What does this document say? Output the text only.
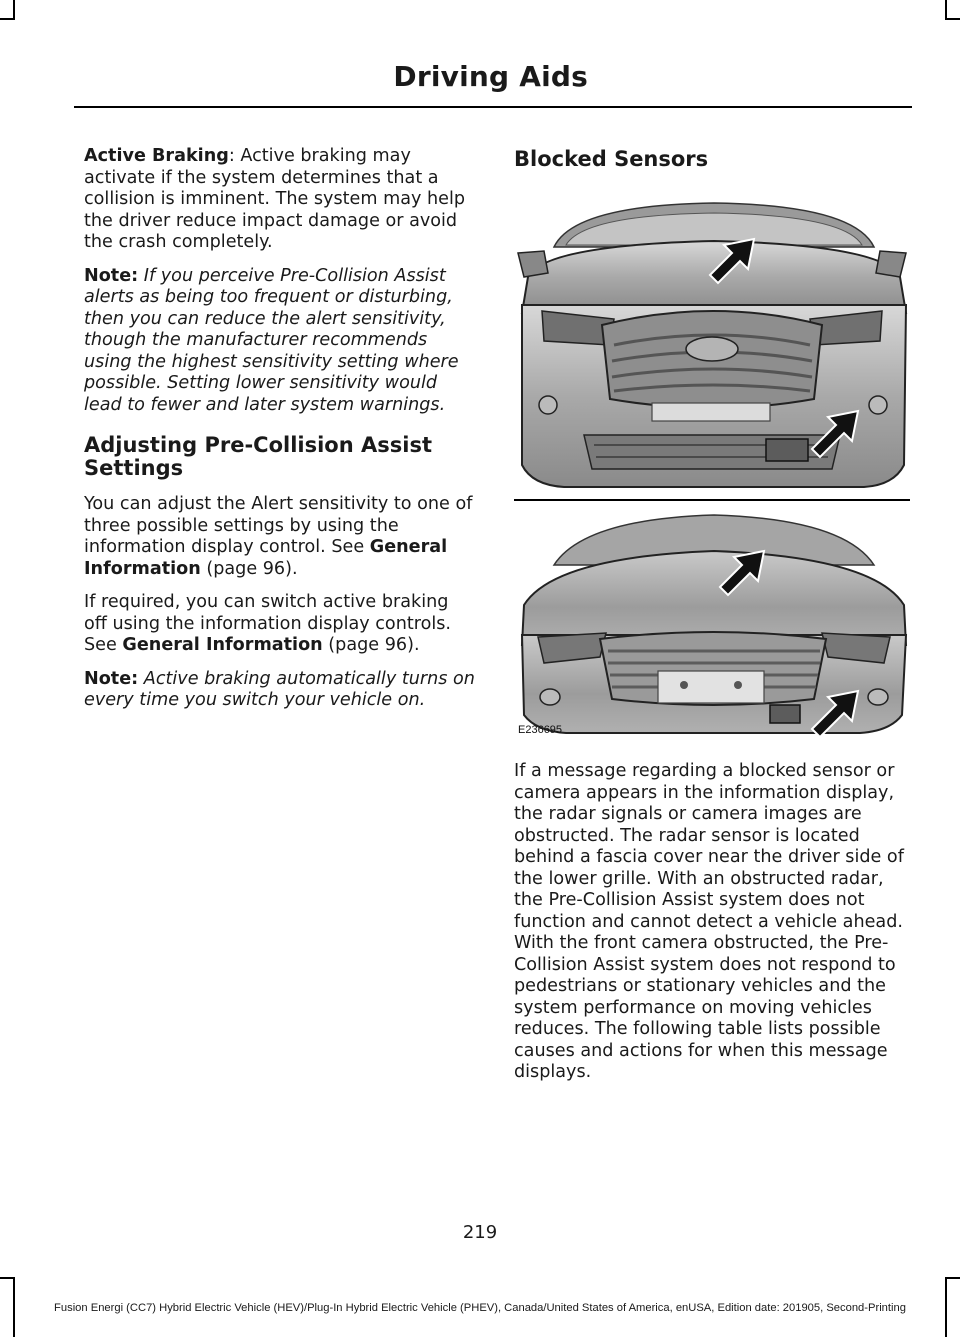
Driving Aids

Active Braking: Active braking may activate if the system determines that a collision is imminent. The system may help the driver reduce impact damage or avoid the crash completely.

Note: If you perceive Pre-Collision Assist alerts as being too frequent or disturbing, then you can reduce the alert sensitivity, though the manufacturer recommends using the highest sensitivity setting where possible. Setting lower sensitivity would lead to fewer and later system warnings.

Adjusting Pre-Collision Assist Settings

You can adjust the Alert sensitivity to one of three possible settings by using the information display control. See General Information (page 96).

If required, you can switch active braking off using the information display controls. See General Information (page 96).

Note: Active braking automatically turns on every time you switch your vehicle on.

Blocked Sensors
E236695

If a message regarding a blocked sensor or camera appears in the information display, the radar signals or camera images are obstructed. The radar sensor is located behind a fascia cover near the driver side of the lower grille. With an obstructed radar, the Pre-Collision Assist system does not function and cannot detect a vehicle ahead. With the front camera obstructed, the Pre-Collision Assist system does not respond to pedestrians or stationary vehicles and the system performance on moving vehicles reduces. The following table lists possible causes and actions for when this message displays.

219
Fusion Energi (CC7) Hybrid Electric Vehicle (HEV)/Plug-In Hybrid Electric Vehicle (PHEV), Canada/United States of America, enUSA, Edition date: 201905, Second-Printing
